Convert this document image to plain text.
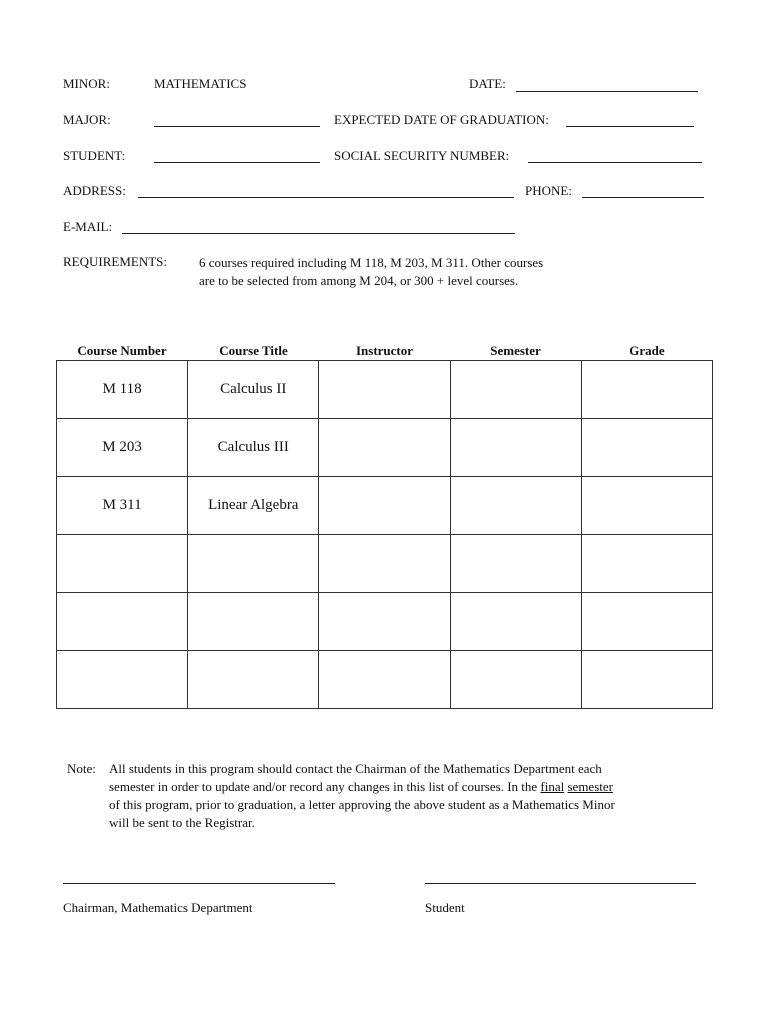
MINOR:	MATHEMATICS	DATE:
MAJOR:	EXPECTED DATE OF GRADUATION:
STUDENT:	SOCIAL SECURITY NUMBER:
ADDRESS:	PHONE:
E-MAIL:
REQUIREMENTS: 6 courses required including M 118, M 203, M 311. Other courses
are to be selected from among M 204, or 300 + level courses.
Course Number	Course Title	Instructor	Semester	Grade
M 118	Calculus II			
M 203	Calculus III			
M 311	Linear Algebra			

Note: All students in this program should contact the Chairman of the Mathematics Department each
semester in order to update and/or record any changes in this list of courses. In the final semester
of this program, prior to graduation, a letter approving the above student as a Mathematics Minor
will be sent to the Registrar.
Chairman, Mathematics Department	Student
